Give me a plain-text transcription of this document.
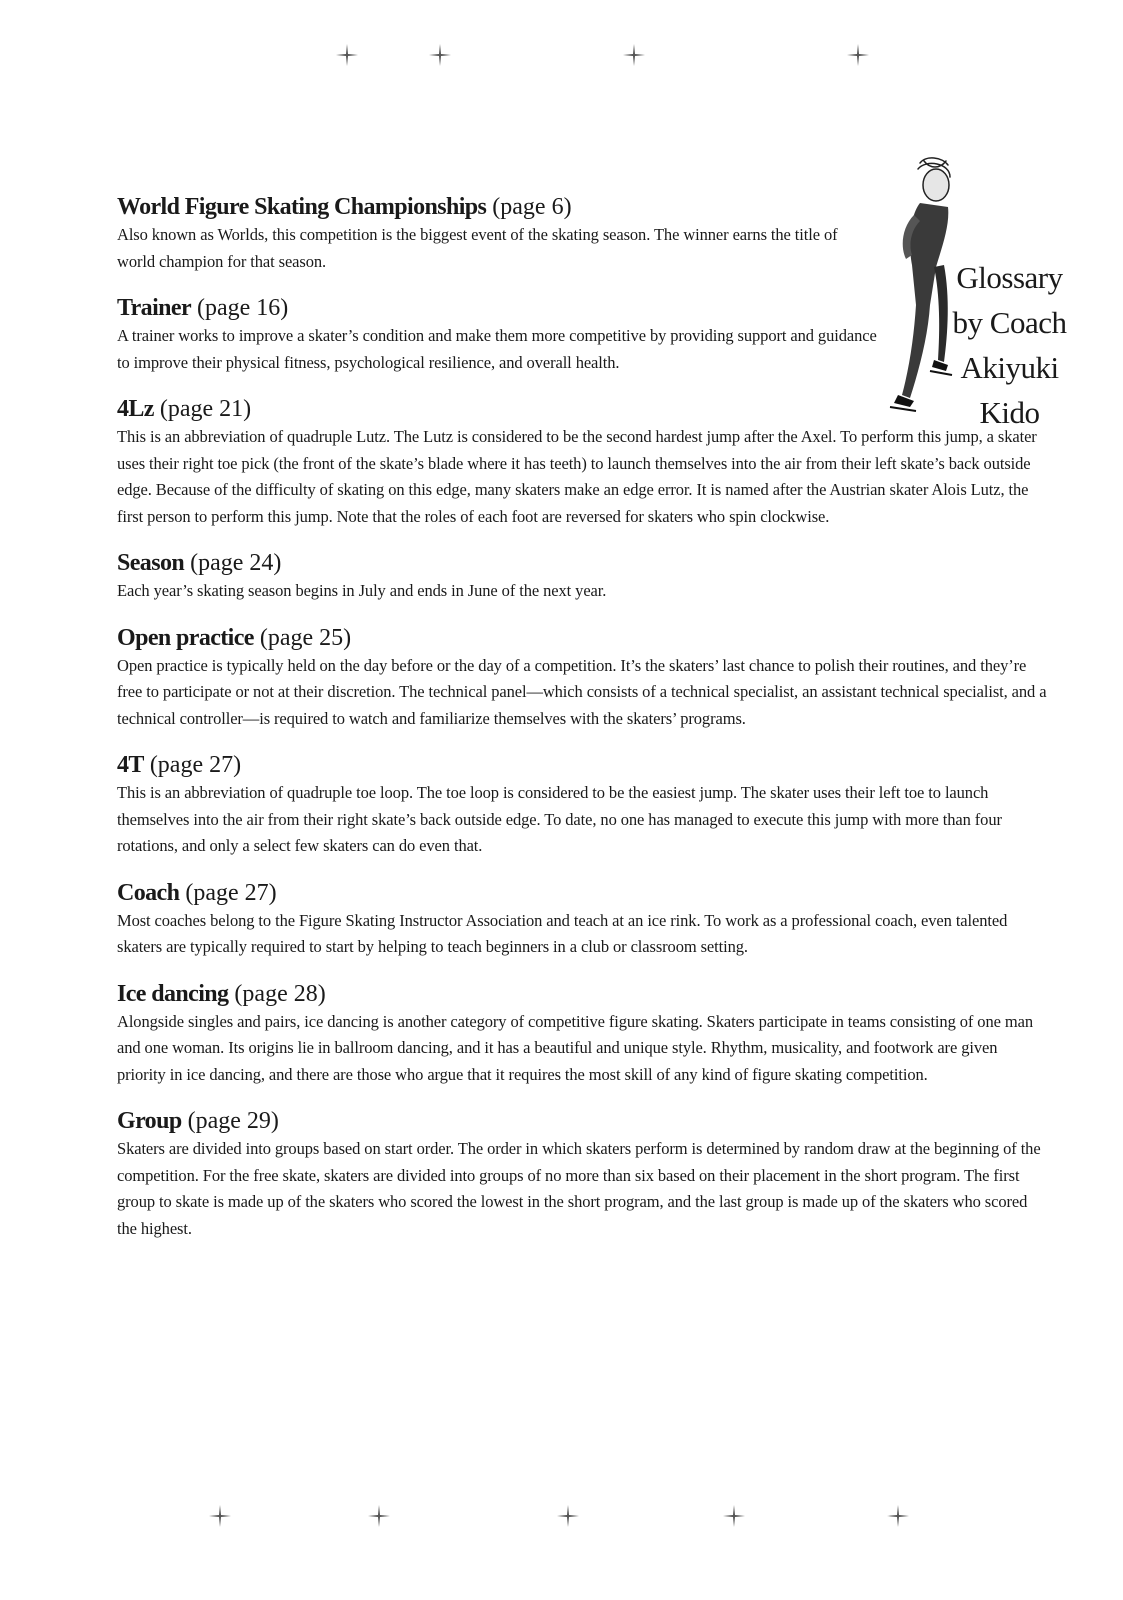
Glossary
by Coach
Akiyuki
Kido

World Figure Skating Championships (page 6)

Also known as Worlds, this competition is the biggest event of the skating season. The winner earns the title of world champion for that season.

Trainer (page 16)

A trainer works to improve a skater’s condition and make them more competitive by providing support and guidance to improve their physical fitness, psychological resilience, and overall health.

4Lz (page 21)

This is an abbreviation of quadruple Lutz. The Lutz is considered to be the second hardest jump after the Axel. To perform this jump, a skater uses their right toe pick (the front of the skate’s blade where it has teeth) to launch themselves into the air from their left skate’s back outside edge. Because of the difficulty of skating on this edge, many skaters make an edge error. It is named after the Austrian skater Alois Lutz, the first person to perform this jump. Note that the roles of each foot are reversed for skaters who spin clockwise.

Season (page 24)

Each year’s skating season begins in July and ends in June of the next year.

Open practice (page 25)

Open practice is typically held on the day before or the day of a competition. It’s the skaters’ last chance to polish their routines, and they’re free to participate or not at their discretion. The technical panel—which consists of a technical specialist, an assistant technical specialist, and a technical controller—is required to watch and familiarize themselves with the skaters’ programs.

4T (page 27)

This is an abbreviation of quadruple toe loop. The toe loop is considered to be the easiest jump. The skater uses their left toe to launch themselves into the air from their right skate’s back outside edge. To date, no one has managed to execute this jump with more than four rotations, and only a select few skaters can do even that.

Coach (page 27)

Most coaches belong to the Figure Skating Instructor Association and teach at an ice rink. To work as a professional coach, even talented skaters are typically required to start by helping to teach beginners in a club or classroom setting.

Ice dancing (page 28)

Alongside singles and pairs, ice dancing is another category of competitive figure skating. Skaters participate in teams consisting of one man and one woman. Its origins lie in ballroom dancing, and it has a beautiful and unique style. Rhythm, musicality, and footwork are given priority in ice dancing, and there are those who argue that it requires the most skill of any kind of figure skating competition.

Group (page 29)

Skaters are divided into groups based on start order. The order in which skaters perform is determined by random draw at the beginning of the competition. For the free skate, skaters are divided into groups of no more than six based on their placement in the short program. The first group to skate is made up of the skaters who scored the lowest in the short program, and the last group is made up of the skaters who scored the highest.
